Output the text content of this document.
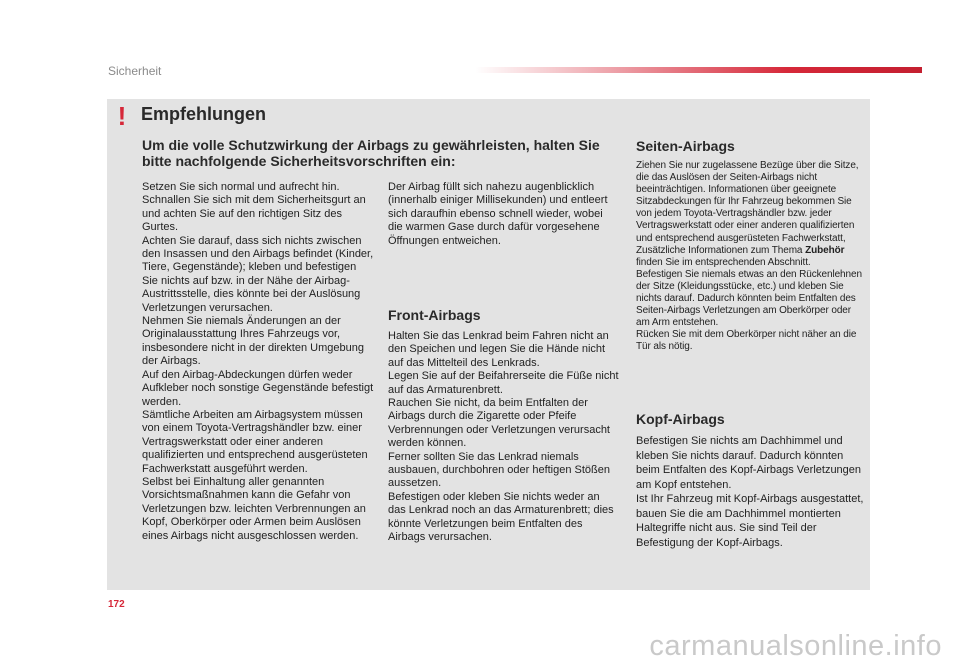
Sicherheit
! Empfehlungen

Um die volle Schutzwirkung der Airbags zu gewährleisten, halten Sie bitte nachfolgende Sicherheitsvorschriften ein:

Setzen Sie sich normal und aufrecht hin.
Schnallen Sie sich mit dem Sicherheitsgurt an und achten Sie auf den richtigen Sitz des Gurtes.
Achten Sie darauf, dass sich nichts zwischen den Insassen und den Airbags befindet (Kinder, Tiere, Gegenstände); kleben und befestigen Sie nichts auf bzw. in der Nähe der Airbag-Austrittsstelle, dies könnte bei der Auslösung Verletzungen verursachen.
Nehmen Sie niemals Änderungen an der Originalausstattung Ihres Fahrzeugs vor, insbesondere nicht in der direkten Umgebung der Airbags.
Auf den Airbag-Abdeckungen dürfen weder Aufkleber noch sonstige Gegenstände befestigt werden.
Sämtliche Arbeiten am Airbagsystem müssen von einem Toyota-Vertragshändler bzw. einer Vertragswerkstatt oder einer anderen qualifizierten und entsprechend ausgerüsteten Fachwerkstatt ausgeführt werden.
Selbst bei Einhaltung aller genannten Vorsichtsmaßnahmen kann die Gefahr von Verletzungen bzw. leichten Verbrennungen an Kopf, Oberkörper oder Armen beim Auslösen eines Airbags nicht ausgeschlossen werden.

Der Airbag füllt sich nahezu augenblicklich (innerhalb einiger Millisekunden) und entleert sich daraufhin ebenso schnell wieder, wobei die warmen Gase durch dafür vorgesehene Öffnungen entweichen.

Front-Airbags

Halten Sie das Lenkrad beim Fahren nicht an den Speichen und legen Sie die Hände nicht auf das Mittelteil des Lenkrads.
Legen Sie auf der Beifahrerseite die Füße nicht auf das Armaturenbrett.
Rauchen Sie nicht, da beim Entfalten der Airbags durch die Zigarette oder Pfeife Verbrennungen oder Verletzungen verursacht werden können.
Ferner sollten Sie das Lenkrad niemals ausbauen, durchbohren oder heftigen Stößen aussetzen.
Befestigen oder kleben Sie nichts weder an das Lenkrad noch an das Armaturenbrett; dies könnte Verletzungen beim Entfalten des Airbags verursachen.

Seiten-Airbags

Ziehen Sie nur zugelassene Bezüge über die Sitze, die das Auslösen der Seiten-Airbags nicht beeinträchtigen. Informationen über geeignete Sitzabdeckungen für Ihr Fahrzeug bekommen Sie von jedem Toyota-Vertragshändler bzw. jeder Vertragswerkstatt oder einer anderen qualifizierten und entsprechend ausgerüsteten Fachwerkstatt,
Zusätzliche Informationen zum Thema Zubehör finden Sie im entsprechenden Abschnitt.
Befestigen Sie niemals etwas an den Rückenlehnen der Sitze (Kleidungsstücke, etc.) und kleben Sie nichts darauf. Dadurch könnten beim Entfalten des Seiten-Airbags Verletzungen am Oberkörper oder am Arm entstehen.
Rücken Sie mit dem Oberkörper nicht näher an die Tür als nötig.

Kopf-Airbags

Befestigen Sie nichts am Dachhimmel und kleben Sie nichts darauf. Dadurch könnten beim Entfalten des Kopf-Airbags Verletzungen am Kopf entstehen.
Ist Ihr Fahrzeug mit Kopf-Airbags ausgestattet, bauen Sie die am Dachhimmel montierten Haltegriffe nicht aus. Sie sind Teil der Befestigung der Kopf-Airbags.

172
carmanualsonline.info
